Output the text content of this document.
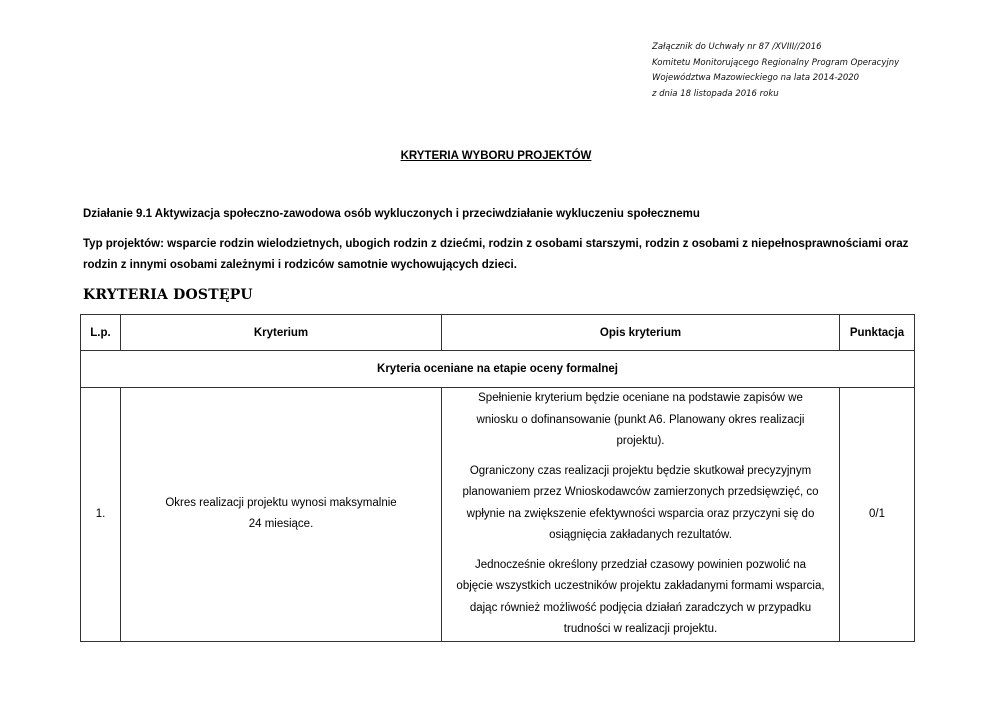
Załącznik do Uchwały nr 87 /XVIII//2016
Komitetu Monitorującego Regionalny Program Operacyjny
Województwa Mazowieckiego na lata 2014-2020
z dnia 18 listopada 2016 roku
KRYTERIA WYBORU PROJEKTÓW
Działanie 9.1 Aktywizacja społeczno-zawodowa osób wykluczonych i przeciwdziałanie wykluczeniu społecznemu
Typ projektów: wsparcie rodzin wielodzietnych, ubogich rodzin z dziećmi, rodzin z osobami starszymi, rodzin z osobami z niepełnosprawnościami oraz rodzin z innymi osobami zależnymi i rodziców samotnie wychowujących dzieci.
KRYTERIA DOSTĘPU
L.p.	Kryterium	Opis kryterium	Punktacja
Kryteria oceniane na etapie oceny formalnej			
1.	Okres realizacji projektu wynosi maksymalnie 24 miesiące.	Spełnienie kryterium będzie oceniane na podstawie zapisów we wniosku o dofinansowanie (punkt A6. Planowany okres realizacji projektu).

Ograniczony czas realizacji projektu będzie skutkował precyzyjnym planowaniem przez Wnioskodawców zamierzonych przedsięwzięć, co wpłynie na zwiększenie efektywności wsparcia oraz przyczyni się do osiągnięcia zakładanych rezultatów.

Jednocześnie określony przedział czasowy powinien pozwolić na objęcie wszystkich uczestników projektu zakładanymi formami wsparcia, dając również możliwość podjęcia działań zaradczych w przypadku trudności w realizacji projektu.	0/1
